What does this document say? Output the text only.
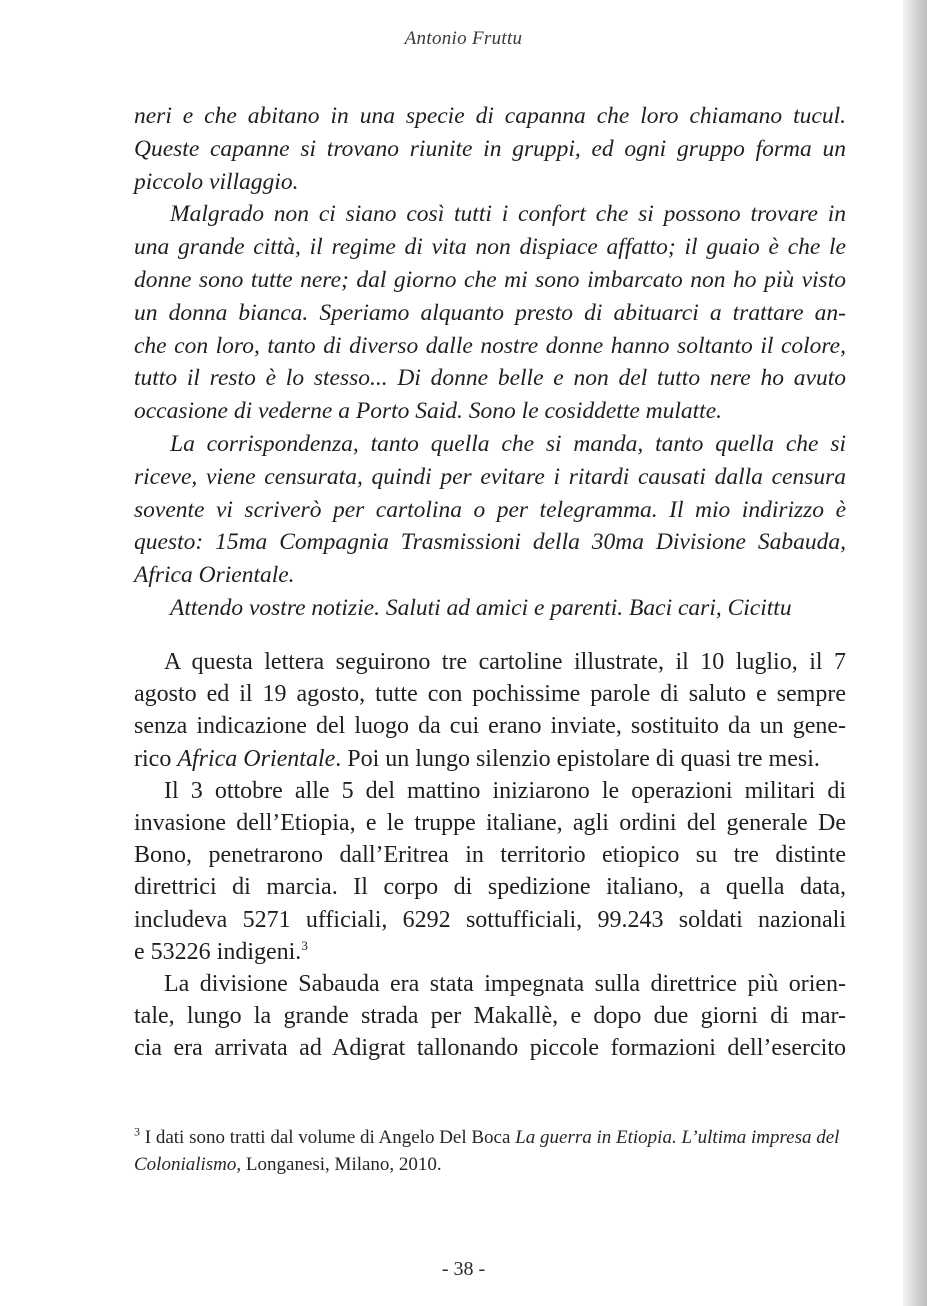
Antonio Fruttu

neri e che abitano in una specie di capanna che loro chiamano tucul.
Queste capanne si trovano riunite in gruppi, ed ogni gruppo forma un
piccolo villaggio.

Malgrado non ci siano così tutti i confort che si possono trovare in
una grande città, il regime di vita non dispiace affatto; il guaio è che le
donne sono tutte nere; dal giorno che mi sono imbarcato non ho più visto
un donna bianca. Speriamo alquanto presto di abituarci a trattare an-
che con loro, tanto di diverso dalle nostre donne hanno soltanto il colore,
tutto il resto è lo stesso... Di donne belle e non del tutto nere ho avuto
occasione di vederne a Porto Said. Sono le cosiddette mulatte.

La corrispondenza, tanto quella che si manda, tanto quella che si
riceve, viene censurata, quindi per evitare i ritardi causati dalla censura
sovente vi scriverò per cartolina o per telegramma. Il mio indirizzo è
questo: 15ma Compagnia Trasmissioni della 30ma Divisione Sabauda,
Africa Orientale.

Attendo vostre notizie. Saluti ad amici e parenti. Baci cari, Cicittu

A questa lettera seguirono tre cartoline illustrate, il 10 luglio, il 7
agosto ed il 19 agosto, tutte con pochissime parole di saluto e sempre
senza indicazione del luogo da cui erano inviate, sostituito da un gene-
rico Africa Orientale. Poi un lungo silenzio epistolare di quasi tre mesi.

Il 3 ottobre alle 5 del mattino iniziarono le operazioni militari di
invasione dell’Etiopia, e le truppe italiane, agli ordini del generale De
Bono, penetrarono dall’Eritrea in territorio etiopico su tre distinte
direttrici di marcia. Il corpo di spedizione italiano, a quella data,
includeva 5271 ufficiali, 6292 sottufficiali, 99.243 soldati nazionali
e 53226 indigeni.$^3$

La divisione Sabauda era stata impegnata sulla direttrice più orien-
tale, lungo la grande strada per Makallè, e dopo due giorni di mar-
cia era arrivata ad Adigrat tallonando piccole formazioni dell’esercito

$^3$ I dati sono tratti dal volume di Angelo Del Boca La guerra in Etiopia. L’ultima impresa del Colonialismo, Longanesi, Milano, 2010.
- 38 -
